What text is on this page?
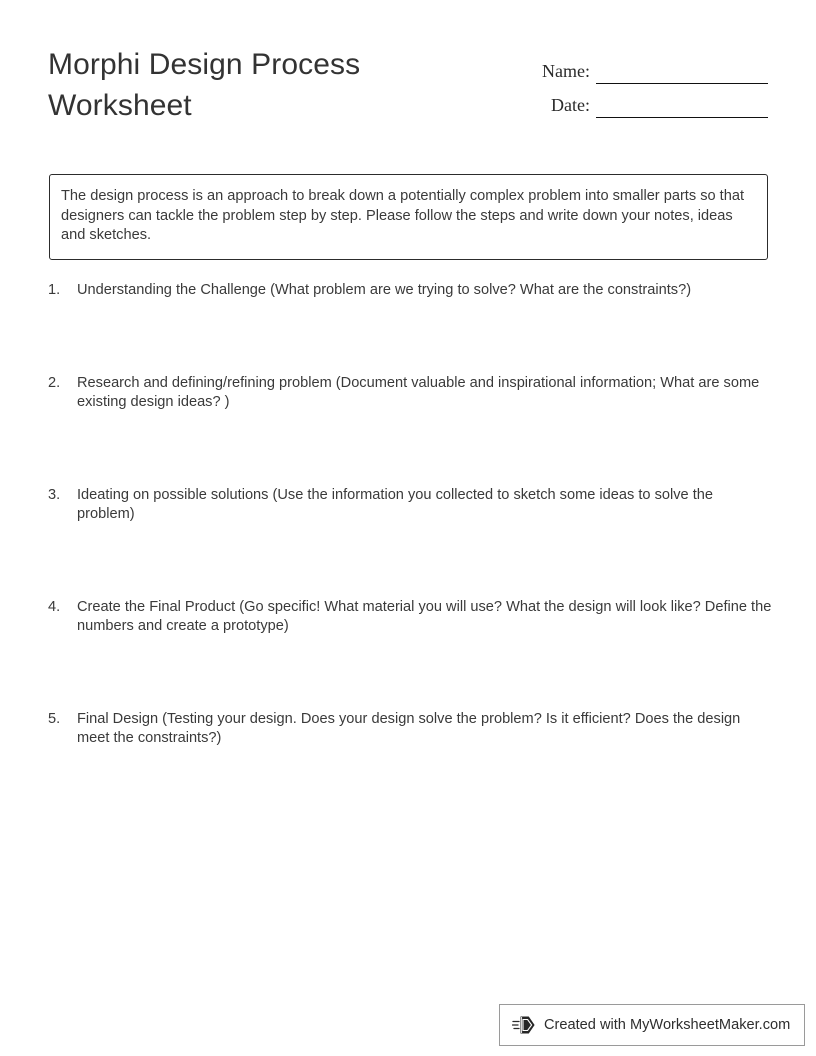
Morphi Design Process Worksheet
Name:
Date:

The design process is an approach to break down a potentially complex problem into smaller parts so that designers can tackle the problem step by step. Please follow the steps and write down your notes, ideas and sketches.

1.	Understanding the Challenge (What problem are we trying to solve? What are the constraints?)
2.	Research and defining/refining problem (Document valuable and inspirational information; What are some existing design ideas? )
3.	Ideating on possible solutions (Use the information you collected to sketch some ideas to solve the problem)
4.	Create the Final Product (Go specific! What material you will use? What the design will look like? Define the numbers and create a prototype)
5.	Final Design (Testing your design. Does your design solve the problem? Is it efficient? Does the design meet the constraints?)
Created with MyWorksheetMaker.com
